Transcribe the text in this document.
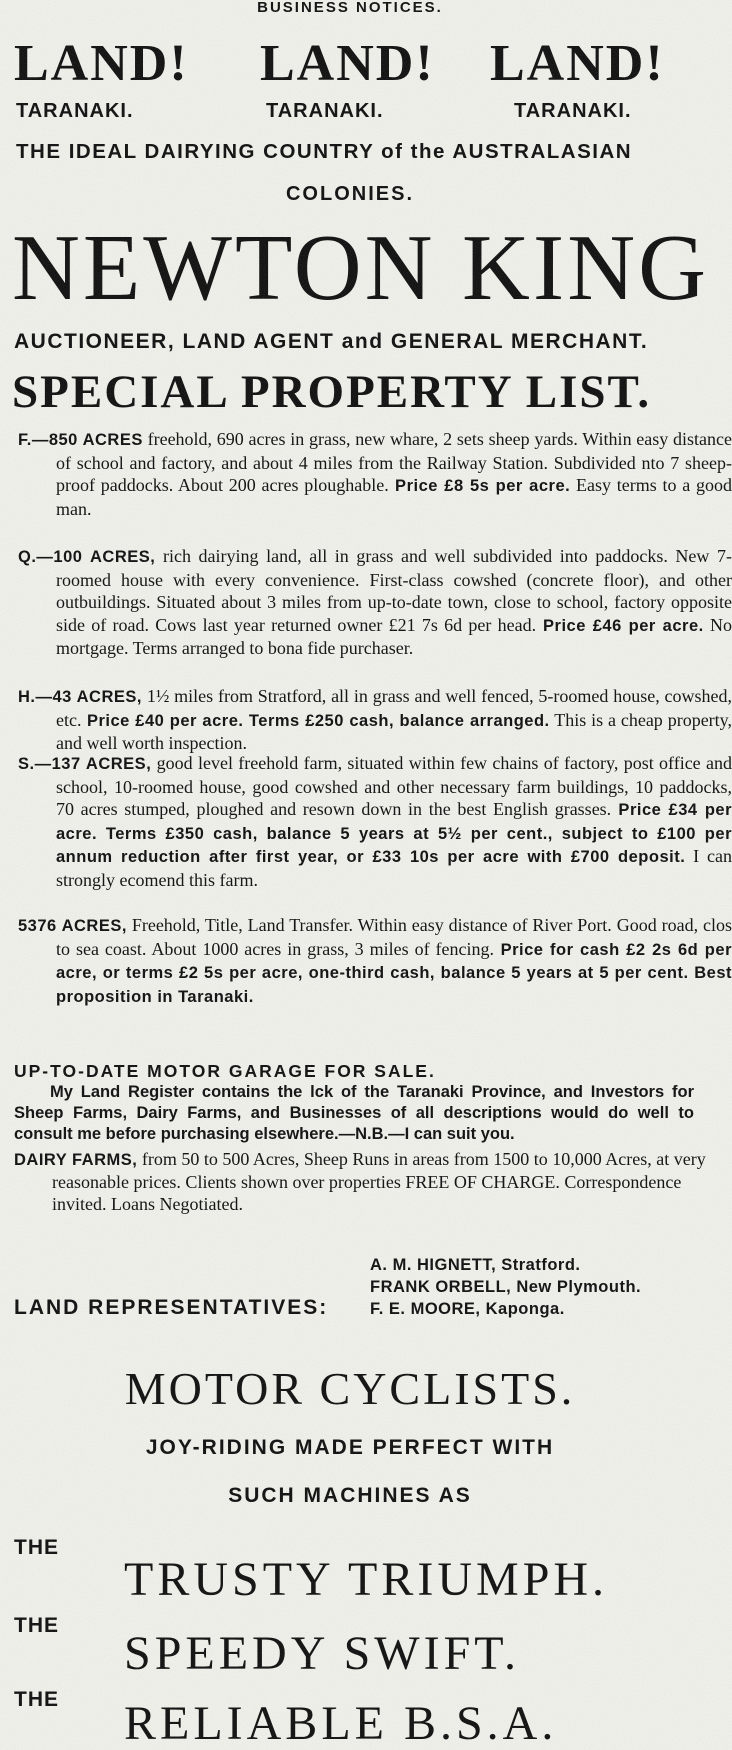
BUSINESS NOTICES.
LAND! LAND! LAND!
TARANAKI.	TARANAKI.	TARANAKI.
THE IDEAL DAIRYING COUNTRY of the AUSTRALASIAN
COLONIES.
NEWTON KING
AUCTIONEER, LAND AGENT and GENERAL MERCHANT.
SPECIAL PROPERTY LIST.
F.—850 ACRES freehold, 690 acres in grass, new whare, 2 sets sheep yards. Within easy distance of school and factory, and about 4 miles from the Railway Station. Subdivided nto 7 sheep-proof paddocks. About 200 acres ploughable. Price £8 5s per acre. Easy terms to a good man.
Q.—100 ACRES, rich dairying land, all in grass and well subdivided into paddocks. New 7-roomed house with every convenience. First-class cowshed (concrete floor), and other outbuildings. Situated about 3 miles from up-to-date town, close to school, factory opposite side of road. Cows last year returned owner £21 7s 6d per head. Price £46 per acre. No mortgage. Terms arranged to bona fide purchaser.
H.—43 ACRES, 1½ miles from Stratford, all in grass and well fenced, 5-roomed house, cowshed, etc. Price £40 per acre. Terms £250 cash, balance arranged. This is a cheap property, and well worth inspection.
S.—137 ACRES, good level freehold farm, situated within few chains of factory, post office and school, 10-roomed house, good cowshed and other necessary farm buildings, 10 paddocks, 70 acres stumped, ploughed and resown down in the best English grasses. Price £34 per acre. Terms £350 cash, balance 5 years at 5½ per cent., subject to £100 per annum reduction after first year, or £33 10s per acre with £700 deposit. I can strongly ecomend this farm.
5376 ACRES, Freehold, Title, Land Transfer. Within easy distance of River Port. Good road, clos to sea coast. About 1000 acres in grass, 3 miles of fencing. Price for cash £2 2s 6d per acre, or terms £2 5s per acre, one-third cash, balance 5 years at 5 per cent. Best proposition in Taranaki.
UP-TO-DATE MOTOR GARAGE FOR SALE.
My Land Register contains the lck of the Taranaki Province, and Investors for Sheep Farms, Dairy Farms, and Businesses of all descriptions would do well to consult me before purchasing elsewhere.—N.B.—I can suit you.
DAIRY FARMS, from 50 to 500 Acres, Sheep Runs in areas from 1500 to 10,000 Acres, at very reasonable prices. Clients shown over properties FREE OF CHARGE. Correspondence invited. Loans Negotiated.
LAND REPRESENTATIVES:
A. M. HIGNETT, Stratford.
FRANK ORBELL, New Plymouth.
F. E. MOORE, Kaponga.
MOTOR CYCLISTS.
JOY-RIDING MADE PERFECT WITH
SUCH MACHINES AS
THE
TRUSTY TRIUMPH.
THE
SPEEDY SWIFT.
THE RELIABLE B.S.A.
